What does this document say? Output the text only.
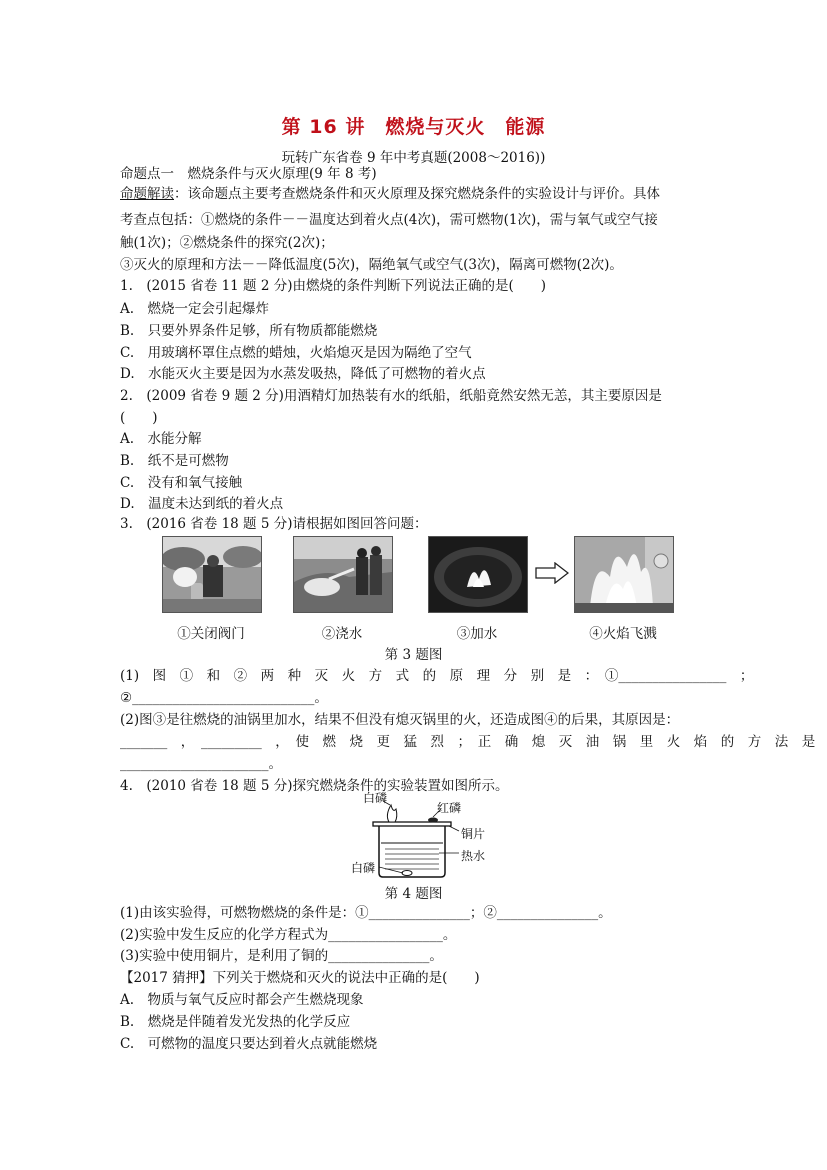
第 16 讲　燃烧与灭火　能源
玩转广东省卷 9 年中考真题(2008～2016))
命题点一　燃烧条件与灭火原理(9 年 8 考)
命题解读：该命题点主要考查燃烧条件和灭火原理及探究燃烧条件的实验设计与评价。具体
考查点包括：①燃烧的条件－－温度达到着火点(4次)，需可燃物(1次)，需与氧气或空气接
触(1次)；②燃烧条件的探究(2次)；
③灭火的原理和方法－－降低温度(5次)，隔绝氧气或空气(3次)，隔离可燃物(2次)。
1.　(2015 省卷 11 题 2 分)由燃烧的条件判断下列说法正确的是(　　)
A.　燃烧一定会引起爆炸
B.　只要外界条件足够，所有物质都能燃烧
C.　用玻璃杯罩住点燃的蜡烛，火焰熄灭是因为隔绝了空气
D.　水能灭火主要是因为水蒸发吸热，降低了可燃物的着火点
2.　(2009 省卷 9 题 2 分)用酒精灯加热装有水的纸船，纸船竟然安然无恙，其主要原因是
(　　)
A.　水能分解
B.　纸不是可燃物
C.　没有和氧气接触
D.　温度未达到纸的着火点
3.　(2016 省卷 18 题 5 分)请根据如图回答问题：
①关闭阀门	②浇水	③加水	④火焰飞溅
第 3 题图
(1)　图　①　和　②　两　种　灭　火　方　式　的　原　理　分　别　是　：　①________________　；
②___________________________。
(2)图③是往燃烧的油锅里加水，结果不但没有熄灭锅里的火，还造成图④的后果，其原因是：
_______　，　_________　，　使　燃　烧　更　猛　烈　；　正　确　熄　灭　油　锅　里　火　焰　的　方　法　是
______________________。
4.　(2010 省卷 18 题 5 分)探究燃烧条件的实验装置如图所示。
白磷
红磷
铜片
热水
白磷
第 4 题图
(1)由该实验得，可燃物燃烧的条件是：①_______________；②_______________。
(2)实验中发生反应的化学方程式为_________________。
(3)实验中使用铜片，是利用了铜的_______________。
【2017 猜押】下列关于燃烧和灭火的说法中正确的是(　　)
A.　物质与氧气反应时都会产生燃烧现象
B.　燃烧是伴随着发光发热的化学反应
C.　可燃物的温度只要达到着火点就能燃烧
